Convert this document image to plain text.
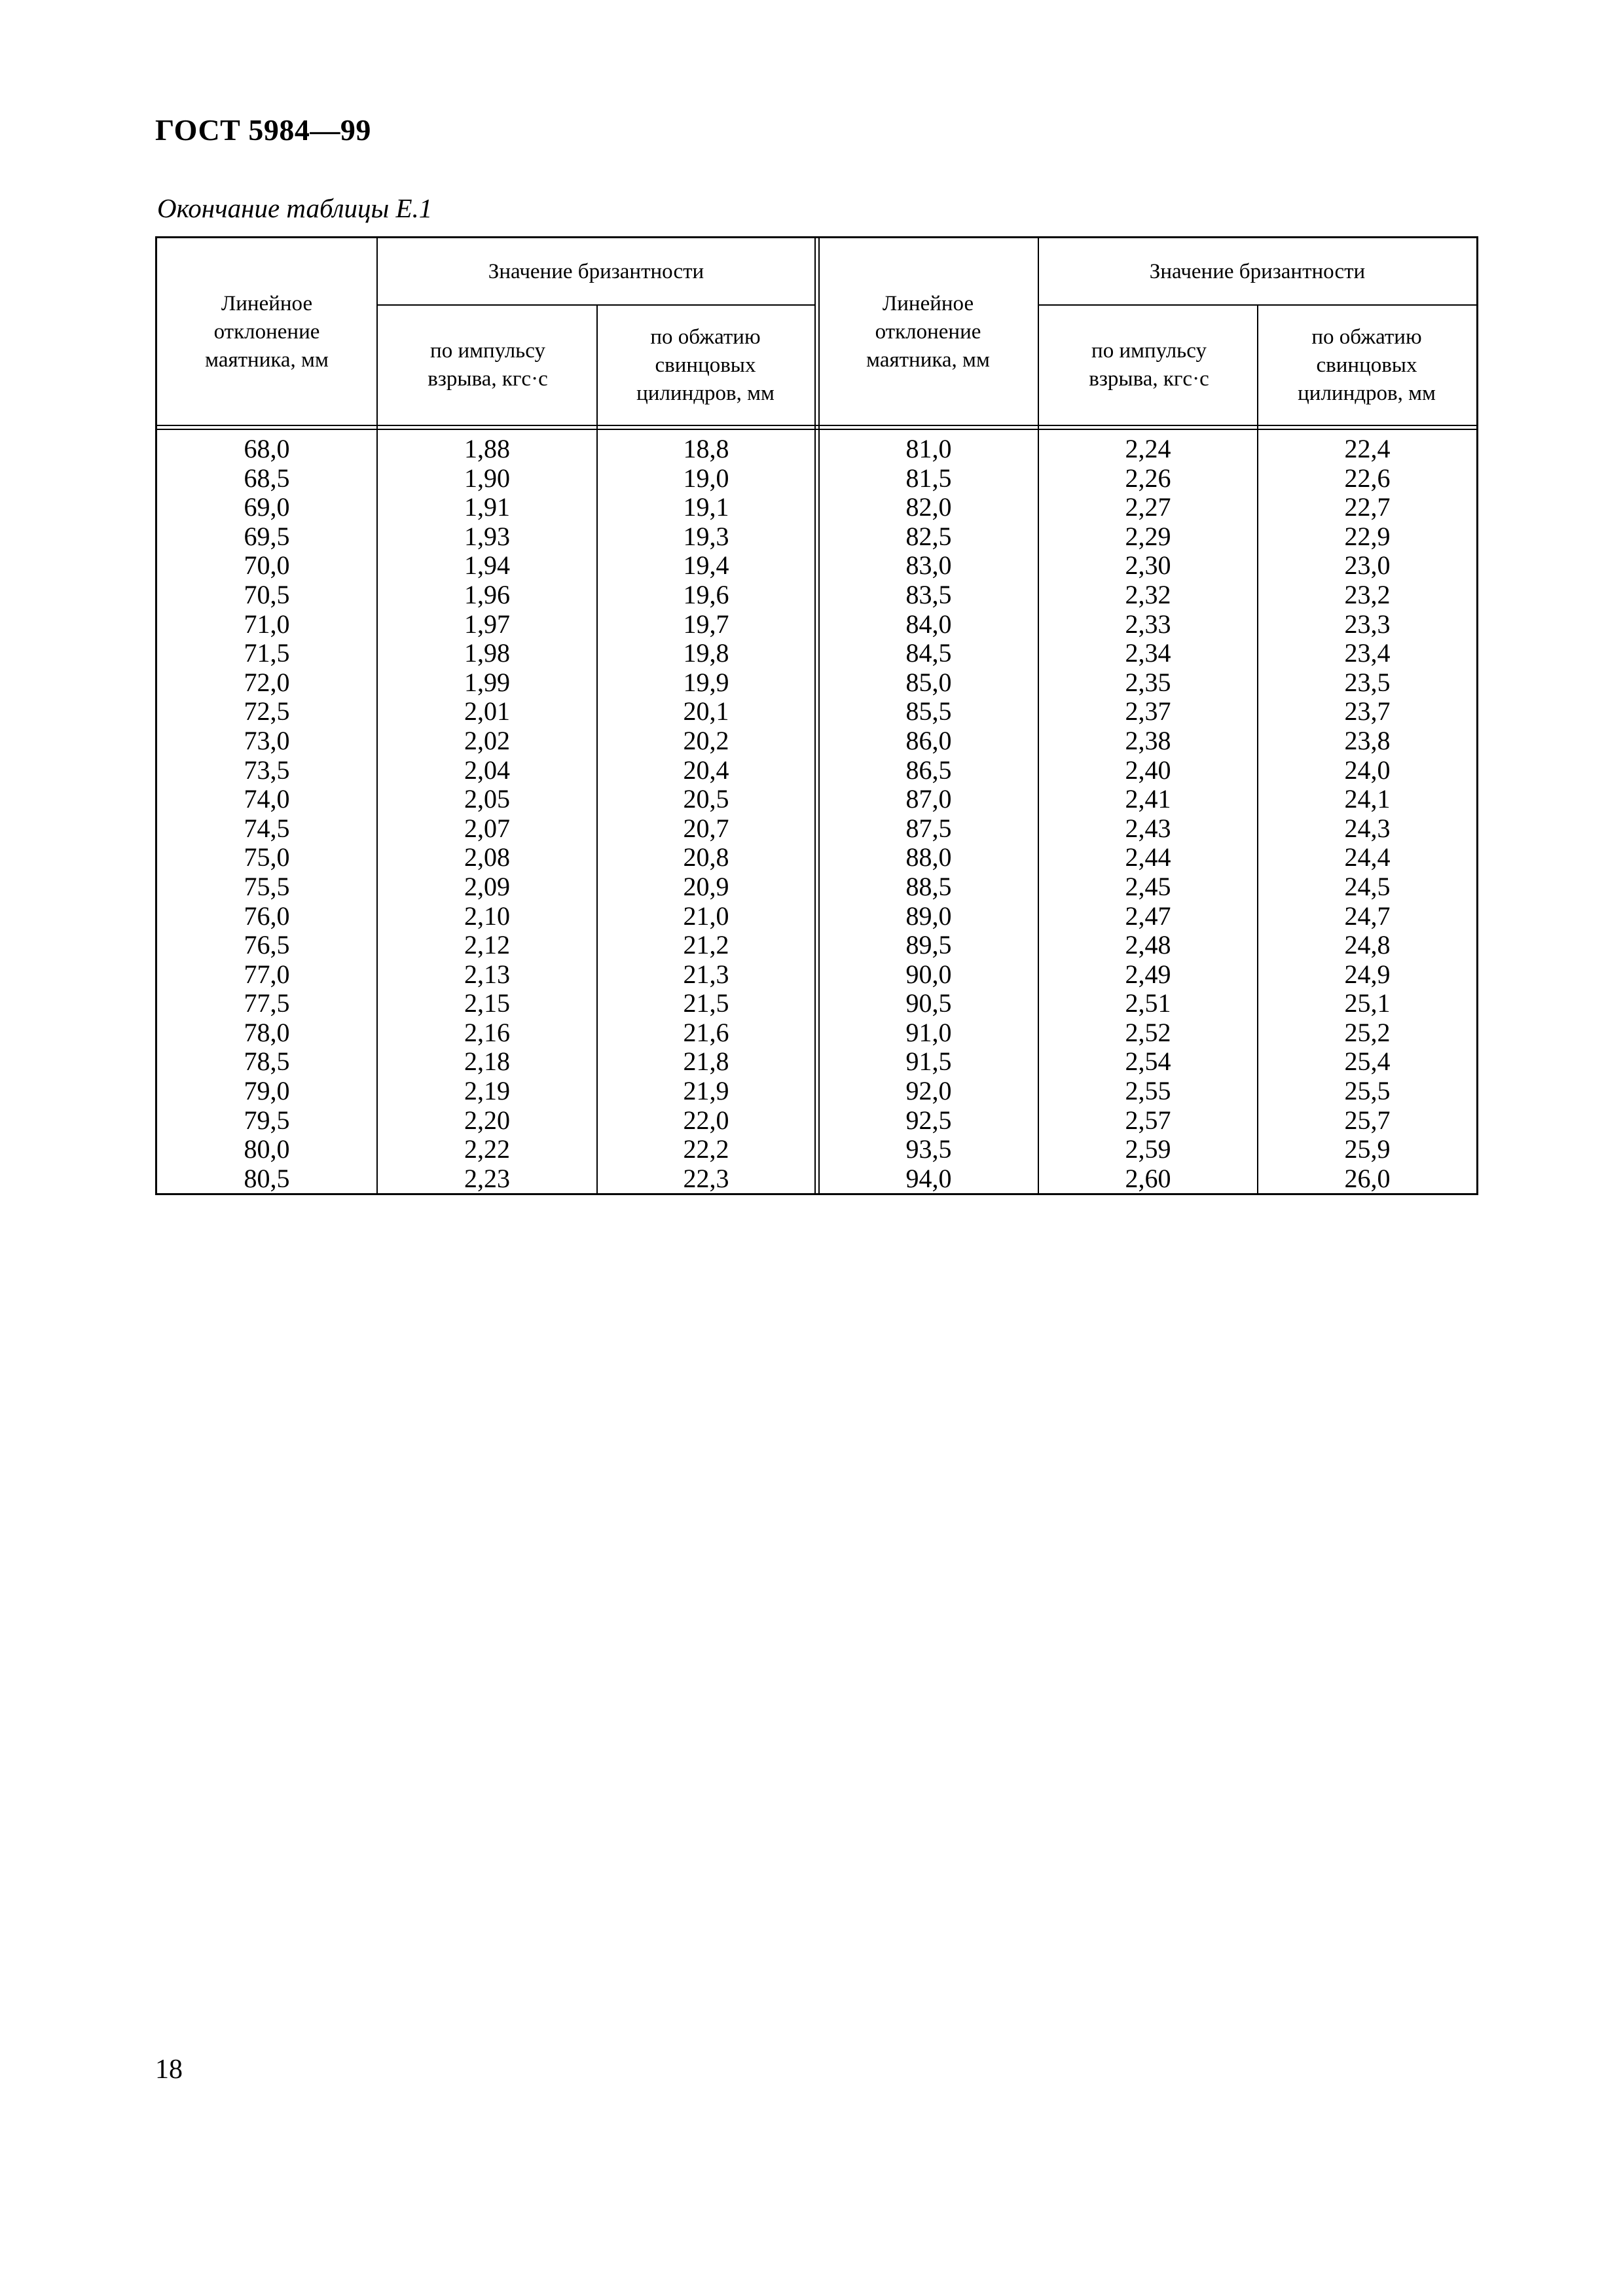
ГОСТ 5984—99
Окончание таблицы Е.1
Линейное отклонение маятника, мм
Значение бризантности
по импульсу взрыва, кгс·с
по обжатию свинцовых цилиндров, мм
Линейное отклонение маятника, мм
Значение бризантности
по импульсу взрыва, кгс·с
по обжатию свинцовых цилиндров, мм
68,0
68,5
69,0
69,5
70,0
70,5
71,0
71,5
72,0
72,5
73,0
73,5
74,0
74,5
75,0
75,5
76,0
76,5
77,0
77,5
78,0
78,5
79,0
79,5
80,0
80,5
1,88
1,90
1,91
1,93
1,94
1,96
1,97
1,98
1,99
2,01
2,02
2,04
2,05
2,07
2,08
2,09
2,10
2,12
2,13
2,15
2,16
2,18
2,19
2,20
2,22
2,23
18,8
19,0
19,1
19,3
19,4
19,6
19,7
19,8
19,9
20,1
20,2
20,4
20,5
20,7
20,8
20,9
21,0
21,2
21,3
21,5
21,6
21,8
21,9
22,0
22,2
22,3
81,0
81,5
82,0
82,5
83,0
83,5
84,0
84,5
85,0
85,5
86,0
86,5
87,0
87,5
88,0
88,5
89,0
89,5
90,0
90,5
91,0
91,5
92,0
92,5
93,5
94,0
2,24
2,26
2,27
2,29
2,30
2,32
2,33
2,34
2,35
2,37
2,38
2,40
2,41
2,43
2,44
2,45
2,47
2,48
2,49
2,51
2,52
2,54
2,55
2,57
2,59
2,60
22,4
22,6
22,7
22,9
23,0
23,2
23,3
23,4
23,5
23,7
23,8
24,0
24,1
24,3
24,4
24,5
24,7
24,8
24,9
25,1
25,2
25,4
25,5
25,7
25,9
26,0
18
